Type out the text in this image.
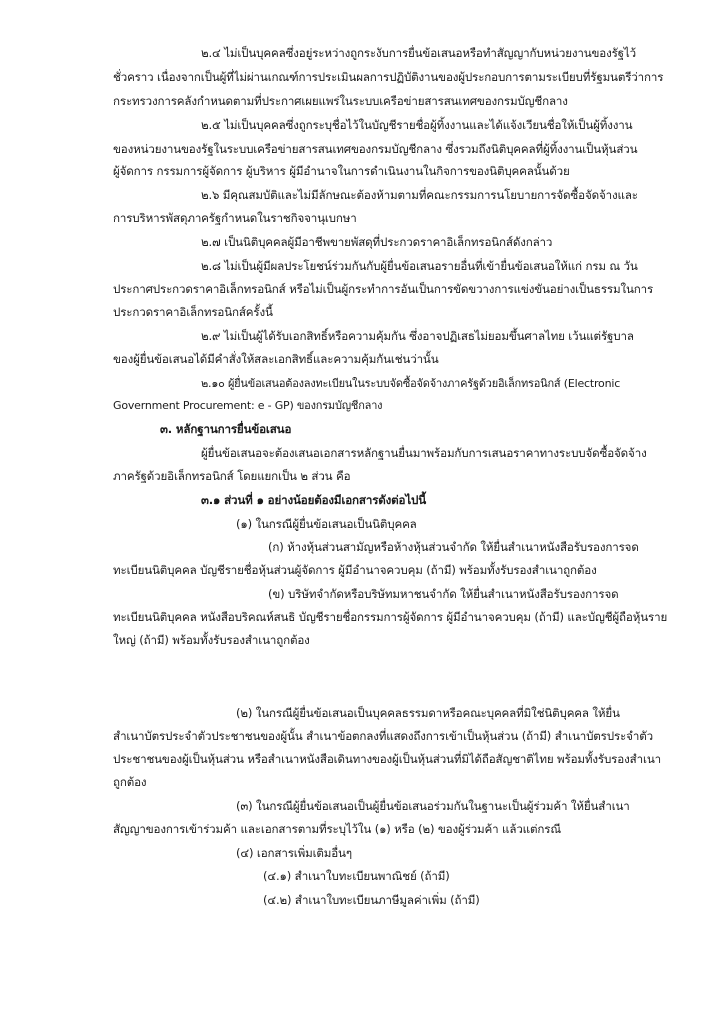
๒.๔ ไม่เป็นบุคคลซึ่งอยู่ระหว่างถูกระงับการยื่นข้อเสนอหรือทำสัญญากับหน่วยงานของรัฐไว้
ชั่วคราว เนื่องจากเป็นผู้ที่ไม่ผ่านเกณฑ์การประเมินผลการปฏิบัติงานของผู้ประกอบการตามระเบียบที่รัฐมนตรีว่าการ
กระทรวงการคลังกำหนดตามที่ประกาศเผยแพร่ในระบบเครือข่ายสารสนเทศของกรมบัญชีกลาง
๒.๕ ไม่เป็นบุคคลซึ่งถูกระบุชื่อไว้ในบัญชีรายชื่อผู้ทิ้งงานและได้แจ้งเวียนชื่อให้เป็นผู้ทิ้งงาน
ของหน่วยงานของรัฐในระบบเครือข่ายสารสนเทศของกรมบัญชีกลาง ซึ่งรวมถึงนิติบุคคลที่ผู้ทิ้งงานเป็นหุ้นส่วน
ผู้จัดการ กรรมการผู้จัดการ ผู้บริหาร ผู้มีอำนาจในการดำเนินงานในกิจการของนิติบุคคลนั้นด้วย
๒.๖ มีคุณสมบัติและไม่มีลักษณะต้องห้ามตามที่คณะกรรมการนโยบายการจัดซื้อจัดจ้างและ
การบริหารพัสดุภาครัฐกำหนดในราชกิจจานุเบกษา
๒.๗ เป็นนิติบุคคลผู้มีอาชีพขายพัสดุที่ประกวดราคาอิเล็กทรอนิกส์ดังกล่าว
๒.๘ ไม่เป็นผู้มีผลประโยชน์ร่วมกันกับผู้ยื่นข้อเสนอรายอื่นที่เข้ายื่นข้อเสนอให้แก่ กรม ณ วัน
ประกาศประกวดราคาอิเล็กทรอนิกส์ หรือไม่เป็นผู้กระทำการอันเป็นการขัดขวางการแข่งขันอย่างเป็นธรรมในการ
ประกวดราคาอิเล็กทรอนิกส์ครั้งนี้
๒.๙ ไม่เป็นผู้ได้รับเอกสิทธิ์หรือความคุ้มกัน ซึ่งอาจปฏิเสธไม่ยอมขึ้นศาลไทย เว้นแต่รัฐบาล
ของผู้ยื่นข้อเสนอได้มีคำสั่งให้สละเอกสิทธิ์และความคุ้มกันเช่นว่านั้น
๒.๑๐ ผู้ยื่นข้อเสนอต้องลงทะเบียนในระบบจัดซื้อจัดจ้างภาครัฐด้วยอิเล็กทรอนิกส์ (Electronic
Government Procurement: e - GP) ของกรมบัญชีกลาง
๓. หลักฐานการยื่นข้อเสนอ
ผู้ยื่นข้อเสนอจะต้องเสนอเอกสารหลักฐานยื่นมาพร้อมกับการเสนอราคาทางระบบจัดซื้อจัดจ้าง
ภาครัฐด้วยอิเล็กทรอนิกส์ โดยแยกเป็น ๒ ส่วน คือ
๓.๑ ส่วนที่ ๑ อย่างน้อยต้องมีเอกสารดังต่อไปนี้
(๑) ในกรณีผู้ยื่นข้อเสนอเป็นนิติบุคคล
(ก) ห้างหุ้นส่วนสามัญหรือห้างหุ้นส่วนจำกัด ให้ยื่นสำเนาหนังสือรับรองการจด
ทะเบียนนิติบุคคล บัญชีรายชื่อหุ้นส่วนผู้จัดการ ผู้มีอำนาจควบคุม (ถ้ามี) พร้อมทั้งรับรองสำเนาถูกต้อง
(ข) บริษัทจำกัดหรือบริษัทมหาชนจำกัด ให้ยื่นสำเนาหนังสือรับรองการจด
ทะเบียนนิติบุคคล หนังสือบริคณห์สนธิ บัญชีรายชื่อกรรมการผู้จัดการ ผู้มีอำนาจควบคุม (ถ้ามี) และบัญชีผู้ถือหุ้นราย
ใหญ่ (ถ้ามี) พร้อมทั้งรับรองสำเนาถูกต้อง
(๒) ในกรณีผู้ยื่นข้อเสนอเป็นบุคคลธรรมดาหรือคณะบุคคลที่มิใช่นิติบุคคล ให้ยื่น
สำเนาบัตรประจำตัวประชาชนของผู้นั้น สำเนาข้อตกลงที่แสดงถึงการเข้าเป็นหุ้นส่วน (ถ้ามี) สำเนาบัตรประจำตัว
ประชาชนของผู้เป็นหุ้นส่วน หรือสำเนาหนังสือเดินทางของผู้เป็นหุ้นส่วนที่มิได้ถือสัญชาติไทย พร้อมทั้งรับรองสำเนา
ถูกต้อง
(๓) ในกรณีผู้ยื่นข้อเสนอเป็นผู้ยื่นข้อเสนอร่วมกันในฐานะเป็นผู้ร่วมค้า ให้ยื่นสำเนา
สัญญาของการเข้าร่วมค้า และเอกสารตามที่ระบุไว้ใน (๑) หรือ (๒) ของผู้ร่วมค้า แล้วแต่กรณี
(๔) เอกสารเพิ่มเติมอื่นๆ
(๔.๑) สำเนาใบทะเบียนพาณิชย์ (ถ้ามี)
(๔.๒) สำเนาใบทะเบียนภาษีมูลค่าเพิ่ม (ถ้ามี)
